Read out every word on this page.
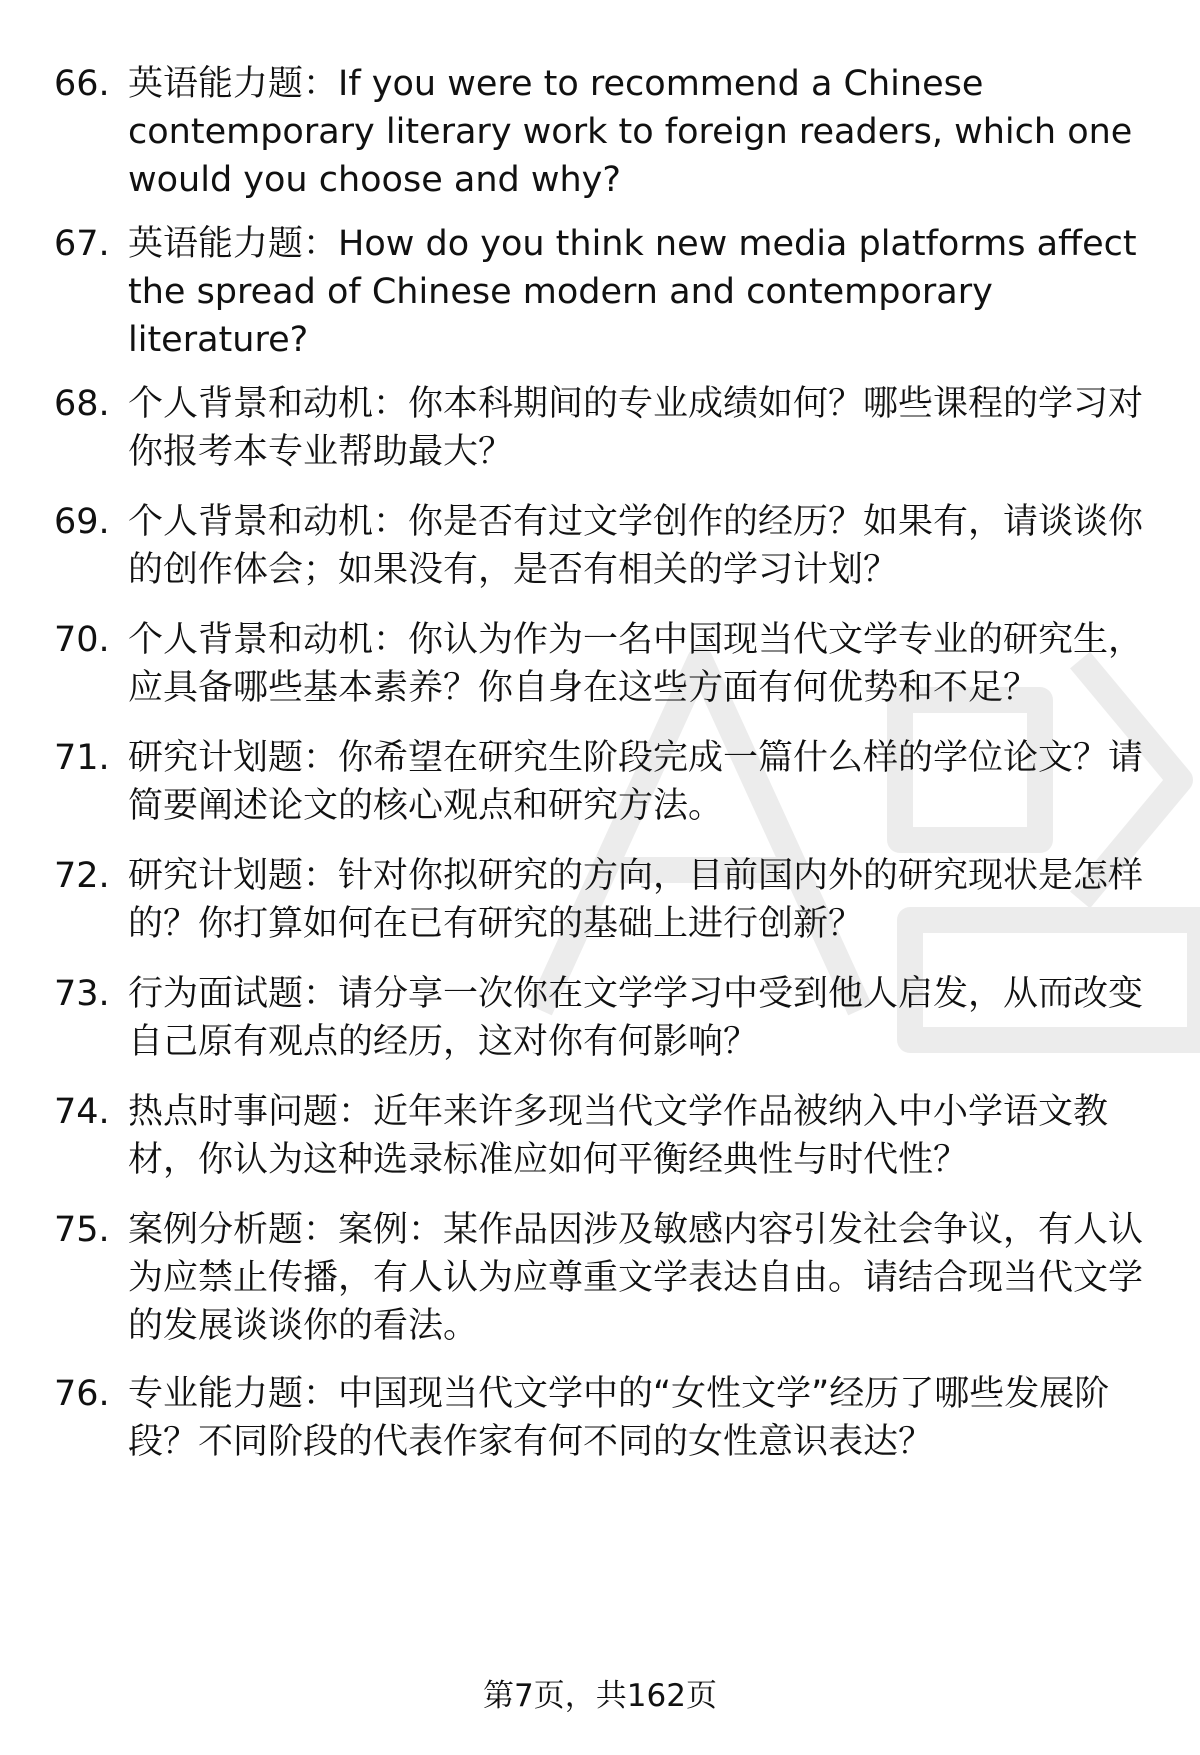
66. 英语能力题：If you were to recommend a Chinese contemporary literary work to foreign readers, which one would you choose and why?
67. 英语能力题：How do you think new media platforms affect the spread of Chinese modern and contemporary literature?
68. 个人背景和动机：你本科期间的专业成绩如何？哪些课程的学习对你报考本专业帮助最大？
69. 个人背景和动机：你是否有过文学创作的经历？如果有，请谈谈你的创作体会；如果没有，是否有相关的学习计划？
70. 个人背景和动机：你认为作为一名中国现当代文学专业的研究生，应具备哪些基本素养？你自身在这些方面有何优势和不足？
71. 研究计划题：你希望在研究生阶段完成一篇什么样的学位论文？请简要阐述论文的核心观点和研究方法。
72. 研究计划题：针对你拟研究的方向，目前国内外的研究现状是怎样的？你打算如何在已有研究的基础上进行创新？
73. 行为面试题：请分享一次你在文学学习中受到他人启发，从而改变自己原有观点的经历，这对你有何影响？
74. 热点时事问题：近年来许多现当代文学作品被纳入中小学语文教材，你认为这种选录标准应如何平衡经典性与时代性？
75. 案例分析题：案例：某作品因涉及敏感内容引发社会争议，有人认为应禁止传播，有人认为应尊重文学表达自由。请结合现当代文学的发展谈谈你的看法。
76. 专业能力题：中国现当代文学中的“女性文学”经历了哪些发展阶段？不同阶段的代表作家有何不同的女性意识表达？
第7页，共162页
